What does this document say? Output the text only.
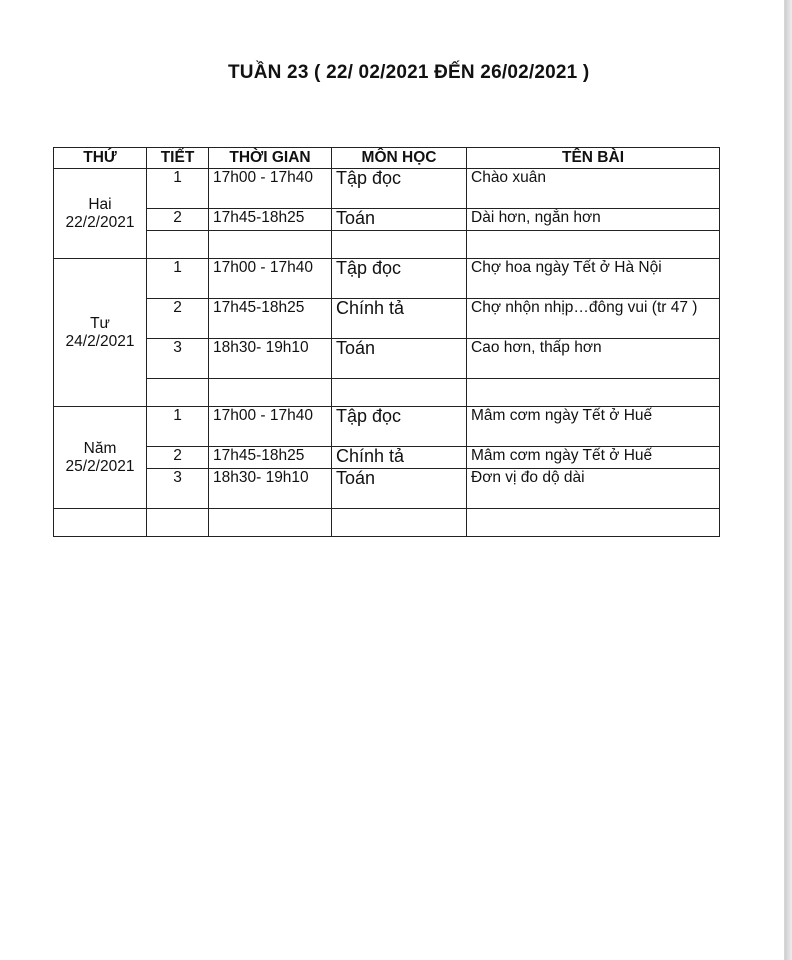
TUẦN 23 ( 22/ 02/2021 ĐẾN 26/02/2021 )
THỨ	TIẾT	THỜI GIAN	MÔN HỌC	TÊN BÀI

Hai
22/2/2021	1	17h00 - 17h40	Tập đọc	Chào xuân
	2	17h45-18h25	Toán	Dài hơn, ngắn hơn

Tư
24/2/2021	1	17h00 - 17h40	Tập đọc	Chợ hoa ngày Tết ở Hà Nội
	2	17h45-18h25	Chính tả	Chợ nhộn nhịp…đông vui (tr 47 )
	3	18h30- 19h10	Toán	Cao hơn, thấp hơn

Năm
25/2/2021	1	17h00 - 17h40	Tập đọc	Mâm cơm ngày Tết ở Huế
	2	17h45-18h25	Chính tả	Mâm cơm ngày Tết ở Huế
	3	18h30- 19h10	Toán	Đơn vị đo dộ dài
